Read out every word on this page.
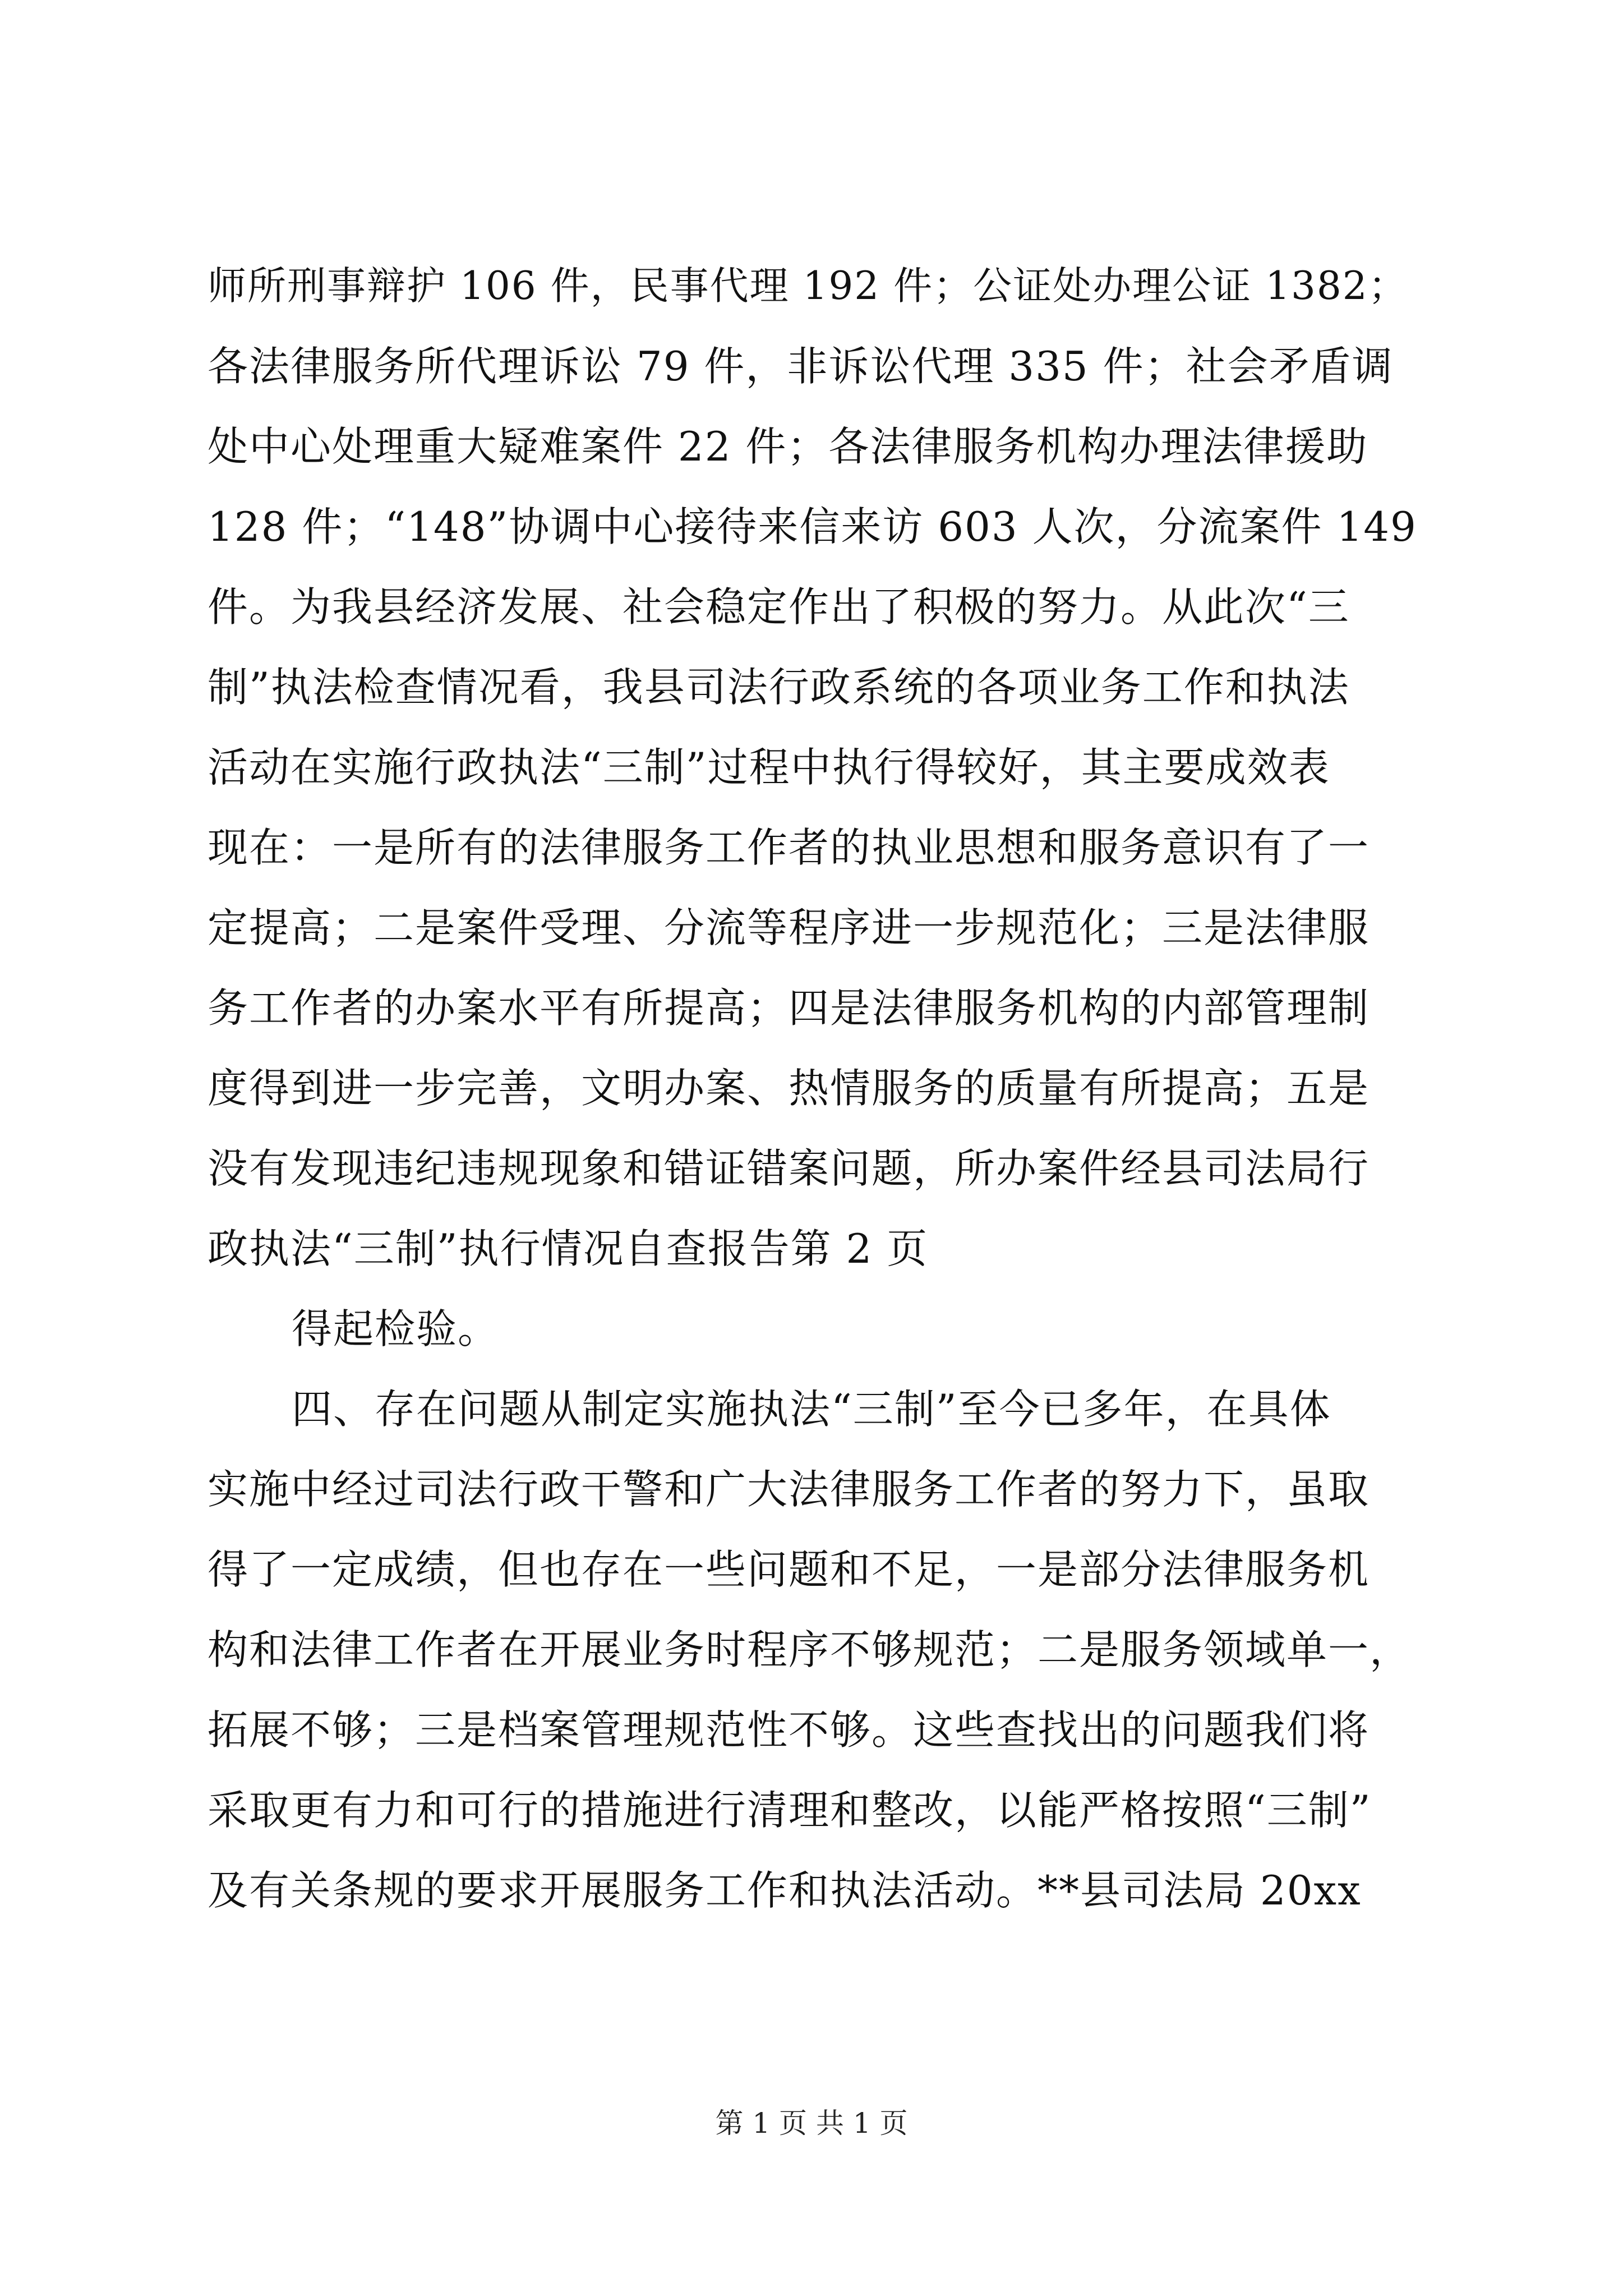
师所刑事辩护 106 件，民事代理 192 件；公证处办理公证 1382；
各法律服务所代理诉讼 79 件，非诉讼代理 335 件；社会矛盾调
处中心处理重大疑难案件 22 件；各法律服务机构办理法律援助
128 件；“148”协调中心接待来信来访 603 人次，分流案件 149
件。为我县经济发展、社会稳定作出了积极的努力。从此次“三
制”执法检查情况看，我县司法行政系统的各项业务工作和执法
活动在实施行政执法“三制”过程中执行得较好，其主要成效表
现在：一是所有的法律服务工作者的执业思想和服务意识有了一
定提高；二是案件受理、分流等程序进一步规范化；三是法律服
务工作者的办案水平有所提高；四是法律服务机构的内部管理制
度得到进一步完善，文明办案、热情服务的质量有所提高；五是
没有发现违纪违规现象和错证错案问题，所办案件经县司法局行
政执法“三制”执行情况自查报告第 2 页
得起检验。
四、存在问题从制定实施执法“三制”至今已多年，在具体
实施中经过司法行政干警和广大法律服务工作者的努力下，虽取
得了一定成绩，但也存在一些问题和不足，一是部分法律服务机
构和法律工作者在开展业务时程序不够规范；二是服务领域单一，
拓展不够；三是档案管理规范性不够。这些查找出的问题我们将
采取更有力和可行的措施进行清理和整改，以能严格按照“三制”
及有关条规的要求开展服务工作和执法活动。**县司法局 20xx
第 1 页 共 1 页
